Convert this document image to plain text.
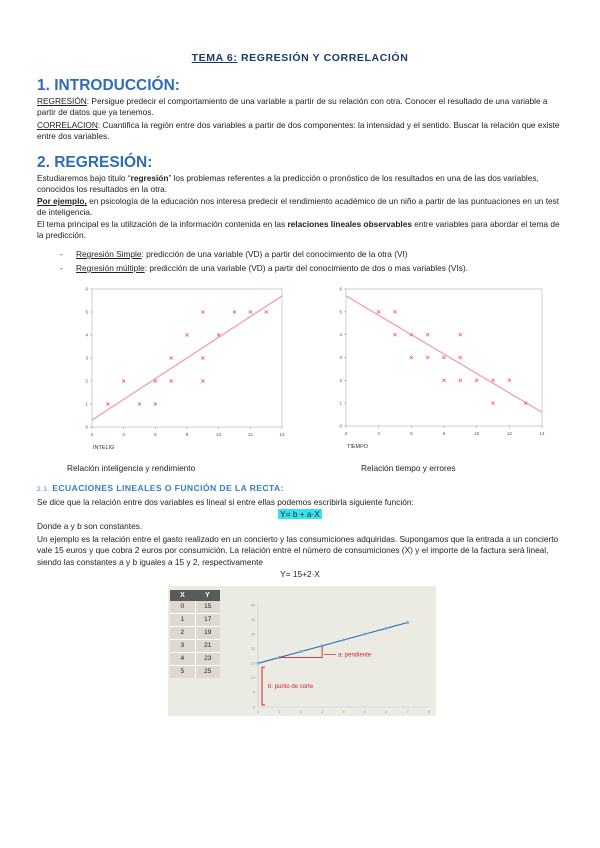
TEMA 6: REGRESIÓN Y CORRELACIÓN
1. INTRODUCCIÓN:
REGRESIÓN: Persigue predecir el comportamiento de una variable a partir de su relación con otra. Conocer el resultado de una variable a partir de datos que ya tenemos.
CORRELACION: Cuantifica la región entre dos variables a partir de dos componentes: la intensidad y el sentido. Buscar la relación que existe entre dos variables.
2. REGRESIÓN:
Estudiaremos bajo titulo “regresión” los problemas referentes a la predicción o pronóstico de los resultados en una de las dos variables, conocidos los resultados en la otra.
Por ejemplo, en psicología de la educación nos interesa predecir el rendimiento académico de un niño a partir de las puntuaciones en un test de inteligencia.
El tema principal es la utilización de la información contenida en las relaciones lineales observables entre variables para abordar el tema de la predicción.
- Regresión Simple: predicción de una variable (VD) a partir del conocimiento de la otra (VI)
- Regresión múltiple: predicción de una variable (VD) a partir del conocimiento de dos o mas variables (VIs).
2	4	6	8	10	12	14
0
1
2
3
4
5
6
INTELIG
2	4	6	8	10	12	14
0
1
2
3
4
5
6
TIEMPO
Relación inteligencia y rendimiento	Relación tiempo y errores
2.1. ECUACIONES LINEALES O FUNCIÓN DE LA RECTA:
Se dice que la relación entre dos variables es lineal si entre ellas podemos escribirla siguiente función:
Y= b + a·X
Donde a y b son constantes.
Un ejemplo es la relación entre el gasto realizado en un concierto y las consumiciones adquiridas. Supongamos que la entrada a un concierto vale 15 euros y que cobra 2 euros por consumición. La relación entre el número de consumiciones (X) y el importe de la factura será lineal, siendo las constantes a y b iguales a 15 y 2, respectivamente
Y= 15+2·X
X	Y
0	15
1	17
2	19
3	21
4	23
5	25
0	1	2	3	4	5	6	7	8
0
5
10
15
20
25
30
35
a: pendiente
b: punto de corte
